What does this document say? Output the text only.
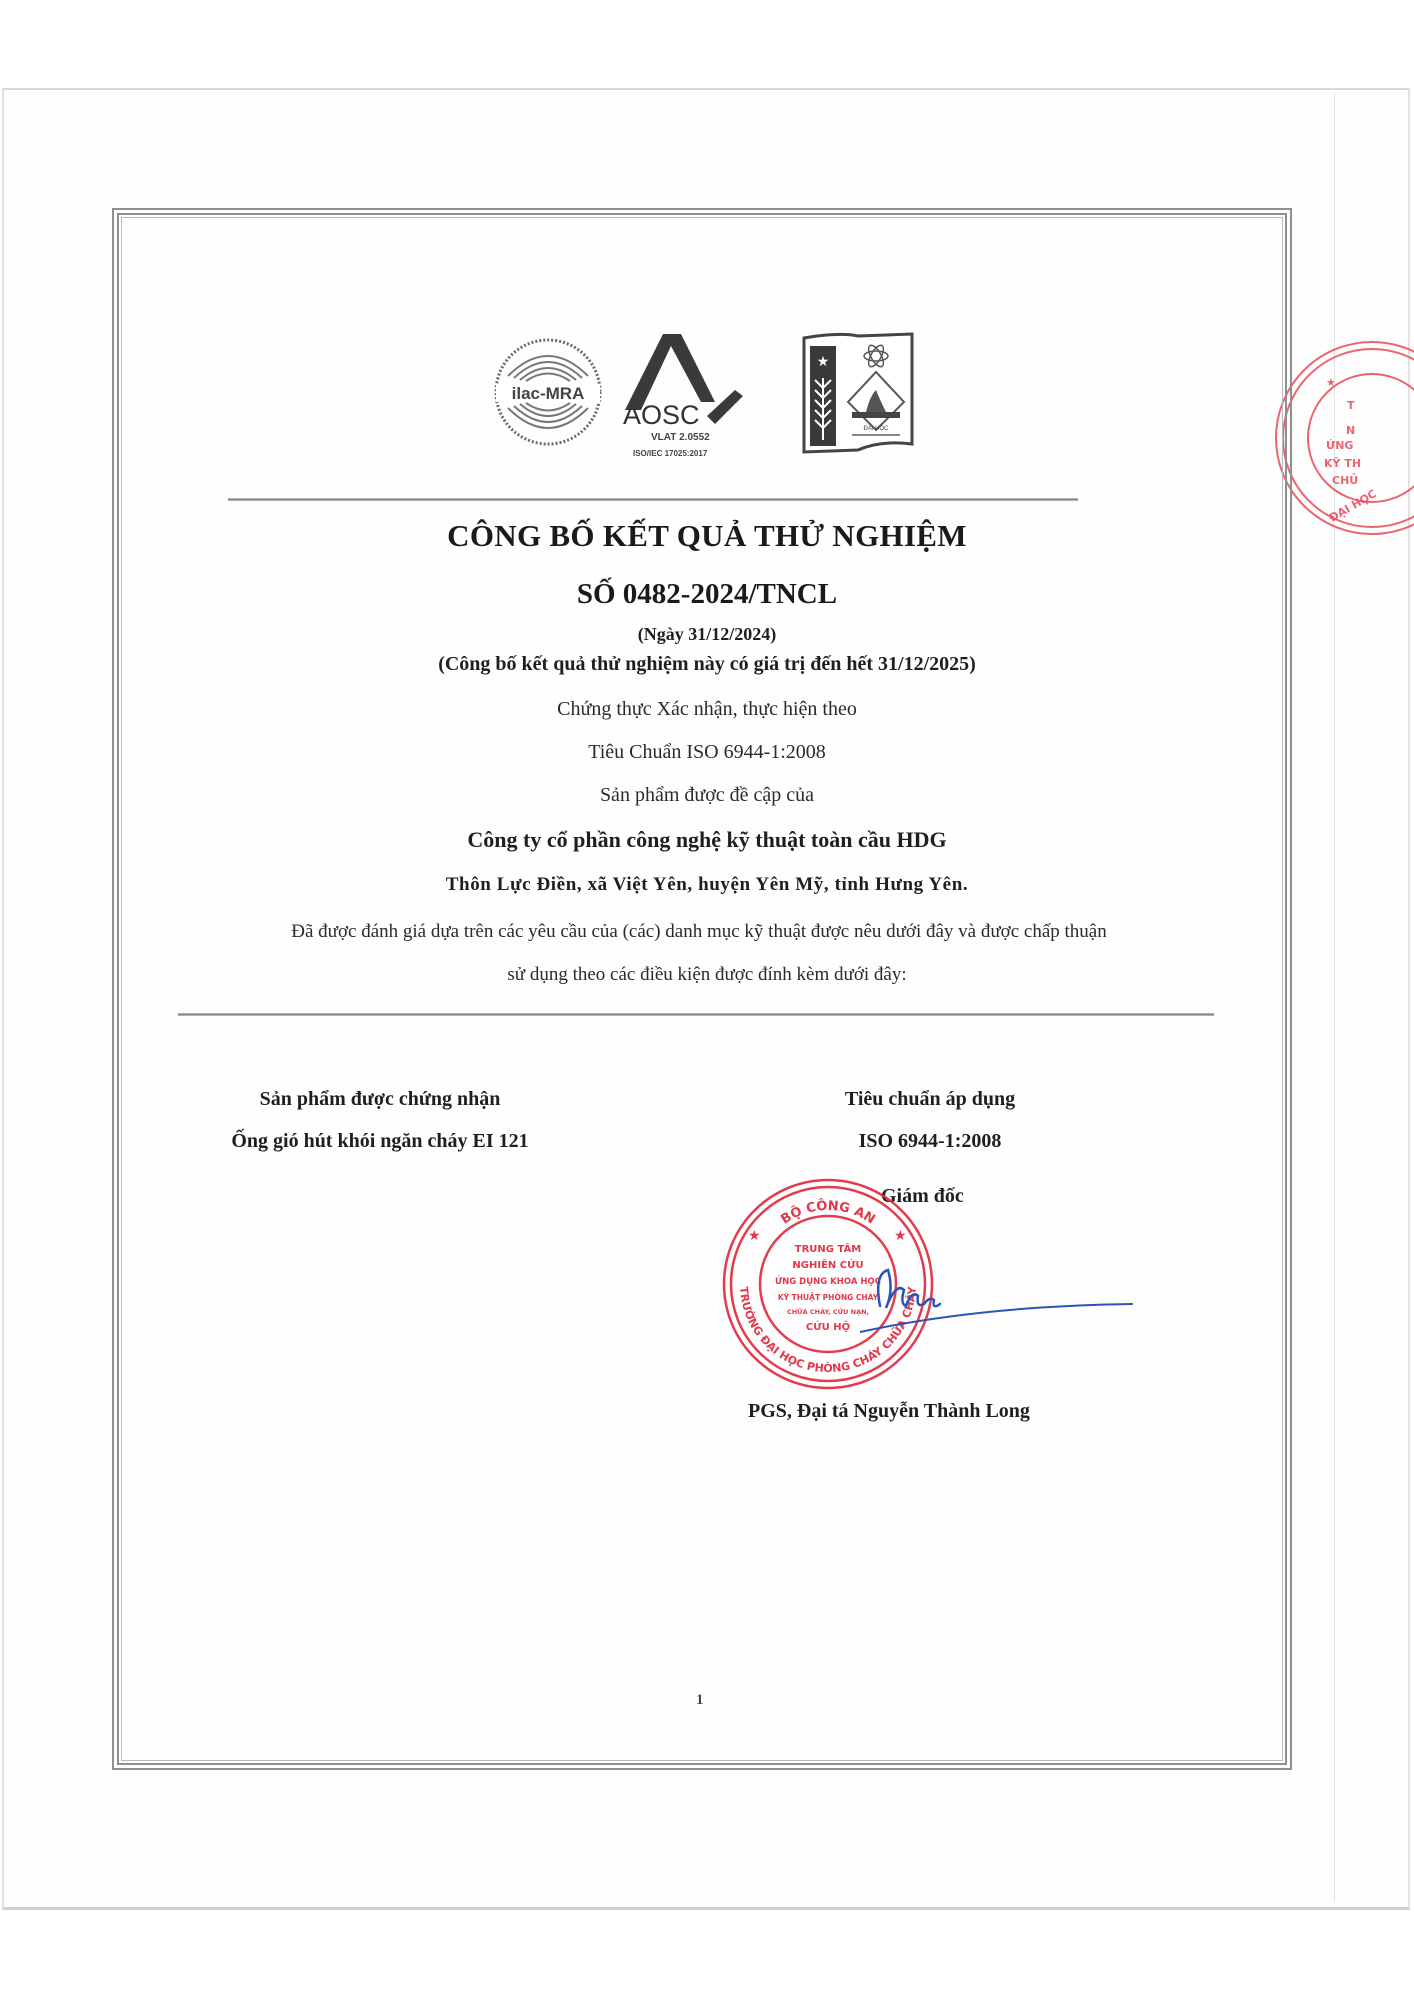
★
T
N
ỨNG
KỸ TH
CHỦ
ĐẠI HỌC
ilac-MRA
AOSC
VLAT 2.0552
ISO/IEC 17025:2017
★
ĐẠI HỌC
CÔNG BỐ KẾT QUẢ THỬ NGHIỆM
SỐ 0482-2024/TNCL
(Ngày 31/12/2024)
(Công bố kết quả thử nghiệm này có giá trị đến hết 31/12/2025)
Chứng thực Xác nhận, thực hiện theo
Tiêu Chuẩn ISO 6944-1:2008
Sản phẩm được đề cập của
Công ty cổ phần công nghệ kỹ thuật toàn cầu HDG
Thôn Lực Điền, xã Việt Yên, huyện Yên Mỹ, tỉnh Hưng Yên.
Đã được đánh giá dựa trên các yêu cầu của (các) danh mục kỹ thuật được nêu dưới đây và được chấp thuận
sử dụng theo các điều kiện được đính kèm dưới đây:
Sản phẩm được chứng nhận
Ống gió hút khói ngăn cháy EI 121
Tiêu chuẩn áp dụng
ISO 6944-1:2008
Giám đốc
BỘ CÔNG AN
TRƯỜNG ĐẠI HỌC PHÒNG CHÁY CHỮA CHÁY
★	★
TRUNG TÂM
NGHIÊN CỨU
ỨNG DỤNG KHOA HỌC
KỸ THUẬT PHÒNG CHÁY
CHỮA CHÁY, CỨU NẠN,
CỨU HỘ
PGS, Đại tá Nguyễn Thành Long
1
